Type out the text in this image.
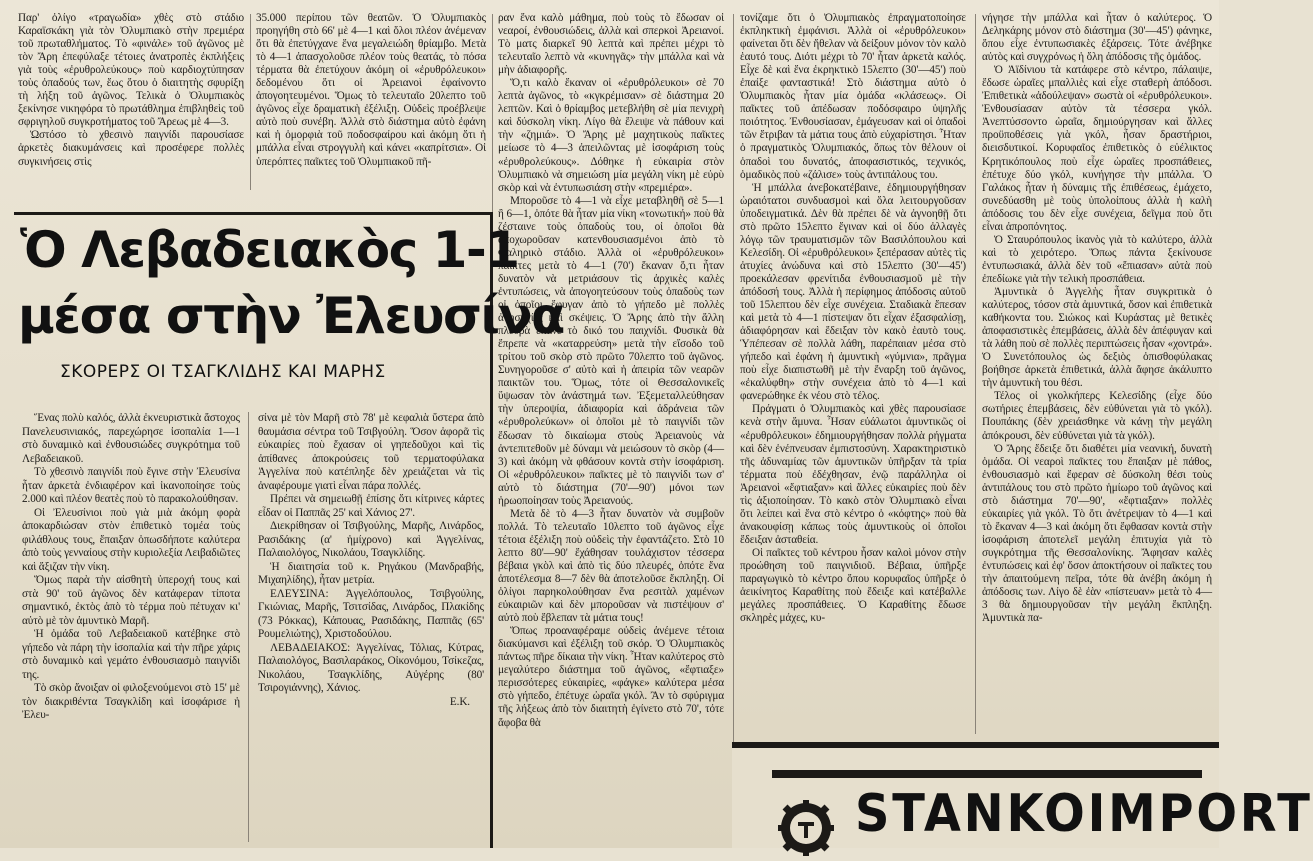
Παρ' ὀλίγο «τραγωδία» χθὲς στὸ στάδιο Καραϊσκάκη γιὰ τὸν Ὀλυμπιακὸ στὴν πρεμιέρα τοῦ πρωταθλήματος. Τὸ «φινάλε» τοῦ ἀγῶνος μὲ τὸν Ἄρη ἐπεφύλαξε τέτοιες ἀνατροπὲς ἐκπλήξεις γιὰ τοὺς «ἐρυθρολεύκους» ποὺ καρδιοχτύπησαν τοὺς ὀπαδούς των, ἕως ὅτου ὁ διαιτητὴς σφυρίξη τὴ λήξη τοῦ ἀγῶνος. Τελικὰ ὁ Ὀλυμπιακὸς ξεκίνησε νικηφόρα τὸ πρωτάθλημα ἐπιβληθεὶς τοῦ σφριγηλοῦ συγκροτήματος τοῦ Ἄρεως μὲ 4—3.

Ὡστόσο τὸ χθεσινὸ παιγνίδι παρουσίασε ἀρκετὲς διακυμάνσεις καὶ προσέφερε πολλὲς συγκινήσεις στὶς

35.000 περίπου τῶν θεατῶν. Ὁ Ὀλυμπιακὸς προηγήθη στὸ 66' μὲ 4—1 καὶ ὅλοι πλέον ἀνέμεναν ὅτι θὰ ἐπετύγχανε ἕνα μεγαλειώδη θρίαμβο. Μετὰ τὸ 4—1 ἀπασχολοῦσε πλέον τοὺς θεατάς, τὸ πόσα τέρματα θὰ ἐπετύχουν ἀκόμη οἱ «ἐρυθρόλευκοι» δεδομένου ὅτι οἱ Ἀρειανοὶ ἐφαίνοντο ἀπογοητευμένοι. Ὅμως τὸ τελευταῖο 20λεπτο τοῦ ἀγῶνος εἶχε δραματικὴ ἐξέλιξη. Οὐδεὶς προέβλεψε αὐτὸ ποὺ συνέβη. Ἀλλὰ στὸ διάστημα αὐτὸ ἐφάνη καὶ ἡ ὀμορφιὰ τοῦ ποδοσφαίρου καὶ ἀκόμη ὅτι ἡ μπάλλα εἶναι στρογγυλὴ καὶ κάνει «καπρίτσια». Οἱ ὑπερόπτες παῖκτες τοῦ Ὀλυμπιακοῦ πῆ-

ραν ἕνα καλὸ μάθημα, ποὺ τοὺς τὸ ἔδωσαν οἱ νεαροί, ἐνθουσιώδεις, ἀλλὰ καὶ σπερκοὶ Ἀρειανοί. Τὸ ματς διαρκεῖ 90 λεπτὰ καὶ πρέπει μέχρι τὸ τελευταῖο λεπτὸ νὰ «κυνηγᾶς» τὴν μπάλλα καὶ νὰ μὴν ἀδιαφορῆς.

Ὅ,τι καλὸ ἔκαναν οἱ «ἐρυθρόλευκοι» σὲ 70 λεπτὰ ἀγῶνος, τὸ «κγκρέμισαν» σὲ διάστημα 20 λεπτῶν. Καὶ ὁ θρίαμβος μετεβλήθη σὲ μία πενιχρὴ καὶ δύσκολη νίκη. Λίγο θὰ ἔλειψε νὰ πάθουν καὶ τὴν «ζημιά». Ὁ Ἄρης μὲ μαχητικοὺς παῖκτες μείωσε τὸ 4—3 ἀπειλῶντας μὲ ἰσοφάριση τοὺς «ἐρυθρολεύκους». Δόθηκε ἡ εὐκαιρία στὸν Ὀλυμπιακὸ νὰ σημειώση μία μεγάλη νίκη μὲ εὐρὺ σκὸρ καὶ νὰ ἐντυπωσιάση στὴν «πρεμιέρα».

Μποροῦσε τὸ 4—1 νὰ εἶχε μεταβληθῆ σὲ 5—1 ἢ 6—1, ὁπότε θὰ ἦταν μία νίκη «τονωτική» ποὺ θὰ ζέσταινε τοὺς ὀπαδοὺς του, οἱ ὁποῖοι θὰ ἀποχωροῦσαν κατενθουσιασμένοι ἀπὸ τὸ Φαληρικὸ στάδιο. Ἀλλὰ οἱ «ἐρυθρόλευκοι» παῖκτες μετὰ τὸ 4—1 (70') ἔκαναν ὅ,τι ἦταν δυνατὸν νὰ μετριάσουν τὶς ἀρχικὲς καλὲς ἐντυπώσεις, νὰ ἀπογοητεύσουν τοὺς ὀπαδοὺς των οἱ ὁποῖοι ἔφυγαν ἀπὸ τὸ γήπεδο μὲ πολλὲς ἀνησυχίες καὶ σκέψεις. Ὁ Ἄρης ἀπὸ τὴν ἄλλη πλευρὰ ἔκανε τὸ δικό του παιχνίδι. Φυσικὰ θὰ ἔπρεπε νὰ «καταρρεύση» μετὰ τὴν εἴσοδο τοῦ τρίτου τοῦ σκὸρ στὸ πρῶτο 70λεπτο τοῦ ἀγῶνος. Συνηγοροῦσε σ' αὐτὸ καὶ ἡ ἀπειρία τῶν νεαρῶν παικτῶν του. Ὅμως, τότε οἱ Θεσσαλονικεῖς ὕψωσαν τὸν ἀνάστημά των. Ἐξεμεταλλεύθησαν τὴν ὑπεροψία, ἀδιαφορία καὶ ἀδράνεια τῶν «ἐρυθρολεύκων» οἱ ὁποῖοι μὲ τὸ παιγνίδι τῶν ἔδωσαν τὸ δικαίωμα στοὺς Ἀρειανοὺς νὰ ἀντεπιτεθοῦν μὲ δύναμι νὰ μειώσουν τὸ σκὸρ (4—3) καὶ ἀκόμη νὰ φθάσουν κοντὰ στὴν ἰσοφάριση. Οἱ «ἐρυθρόλευκοι» παῖκτες μὲ τὸ παιγνίδι των σ' αὐτὸ τὸ διάστημα (70'—90') μόνοι των ἠρωοποίησαν τοὺς Ἀρειανούς.

Μετὰ δὲ τὸ 4—3 ἦταν δυνατὸν νὰ συμβοῦν πολλά. Τὸ τελευταῖο 10λεπτο τοῦ ἀγῶνος εἶχε τέτοια ἐξέλιξη ποὺ οὐδεὶς τὴν ἐφαντάζετο. Στὸ 10 λεπτο 80'—90' ἔχάθησαν τουλάχιστον τέσσερα βέβαια γκὸλ καὶ ἀπὸ τὶς δύο πλευρές, ὁπότε ἔνα ἀποτέλεσμα 8—7 δὲν θὰ ἀποτελοῦσε ἔκπληξη. Οἱ ὀλίγοι παρηκολούθησαν ἕνα ρεσιτὰλ χαμένων εὐκαιριῶν καὶ δὲν μποροῦσαν νὰ πιστέψουν σ' αὐτὸ ποὺ ἔβλεπαν τὰ μάτια τους!

Ὅπως προαναφέραμε οὐδεὶς ἀνέμενε τέτοια διακύμανσι καὶ ἐξέλιξη τοῦ σκόρ. Ὁ Ὀλυμπιακὸς πάντως πῆρε δίκαια τὴν νίκη. Ἦταν καλύτερος στὸ μεγαλύτερο διάστημα τοῦ ἀγῶνος, «ἔφτιαξε» περισσότερες εὐκαιρίες, «φάγκε» καλύτερα μέσα στὸ γήπεδο, ἐπέτυχε ὡραῖα γκόλ. Ἂν τὸ σφύριγμα τῆς λήξεως ἀπὸ τὸν διαιτητὴ ἐγίνετο στὸ 70', τότε ἄφοβα θὰ

τονίζαμε ὅτι ὁ Ὀλυμπιακὸς ἐπραγματοποίησε ἐκπληκτικὴ ἐμφάνισι. Ἀλλὰ οἱ «ἐρυθρόλευκοι» φαίνεται ὅτι δὲν ἤθελαν νὰ δείξουν μόνον τὸν καλὸ ἑαυτό τους. Διότι μέχρι τὸ 70' ἦταν ἀρκετὰ καλός. Εἶχε δὲ καὶ ἕνα ἐκρηκτικὸ 15λεπτο (30'—45') ποὺ ἐπαίξε φανταστικά! Στὸ διάστημα αὐτὸ ὁ Ὀλυμπιακὸς ἦταν μία ὁμάδα «κλάσεως». Οἱ παῖκτες τοῦ ἀπέδωσαν ποδόσφαιρο ὑψηλῆς ποιότητος. Ἐνθουσίασαν, ἐμάγευσαν καὶ οἱ ὀπαδοὶ τῶν ἔτριβαν τὰ μάτια τους ἀπὸ εὐχαρίστησι. Ἦταν ὁ πραγματικὸς Ὀλυμπιακός, ὅπως τὸν θέλουν οἱ ὀπαδοὶ του δυνατός, ἀποφασιστικός, τεχνικός, ὁμαδικὸς ποὺ «ζάλισε» τοὺς ἀντιπάλους του.

Ἡ μπάλλα ἀνεβοκατέβαινε, ἐδημιουργήθησαν ὡραιότατοι συνδυασμοὶ καὶ ὅλα λειτουργοῦσαν ὑποδειγματικά. Δὲν θὰ πρέπει δὲ νὰ ἀγνοηθῇ ὅτι στὸ πρῶτο 15λεπτο ἔγιναν καὶ οἱ δύο ἀλλαγὲς λόγῳ τῶν τραυματισμῶν τῶν Βασιλόπουλου καὶ Κελεσίδη. Οἱ «ἐρυθρόλευκοι» ξεπέρασαν αὐτὲς τὶς ἀτυχίες ἀνώδυνα καὶ στὸ 15λεπτο (30'—45') προεκάλεσαν φρενίτιδα ἐνθουσιασμοῦ μὲ τὴν ἀπόδοσή τους. Ἀλλὰ ἡ περίφημος ἀπόδοσις αὐτοῦ τοῦ 15λεπτου δὲν εἶχε συνέχεια. Σταδιακὰ ἔπεσαν καὶ μετὰ τὸ 4—1 πίστεψαν ὅτι εἶχαν ἐξασφαλίσῃ, ἀδιαφόρησαν καὶ ἔδειξαν τὸν κακὸ ἑαυτὸ τους. Ὑπέπεσαν σὲ πολλὰ λάθη, παρέπαιαν μέσα στὸ γήπεδο καὶ ἐφάνη ἡ ἀμυντικὴ «γύμνια», πρᾶγμα ποὺ εἶχε διαπιστωθῆ μὲ τὴν ἔναρξη τοῦ ἀγῶνος, «ἐκαλύφθη» στὴν συνέχεια ἀπὸ τὸ 4—1 καὶ φανερώθηκε ἐκ νέου στὸ τέλος.

Πράγματι ὁ Ὀλυμπιακὸς καὶ χθὲς παρουσίασε κενὰ στὴν ἄμυνα. Ἦσαν εὐάλωτοι ἀμυντικῶς οἱ «ἐρυθρόλευκοι» ἐδημιουργήθησαν πολλὰ ρήγματα καὶ δὲν ἐνέπνευσαν ἐμπιστοσύνη. Χαρακτηριστικὸ τῆς ἀδυναμίας τῶν ἀμυντικῶν ὑπῆρξαν τὰ τρία τέρματα ποὺ ἐδέχθησαν, ἐνῷ παράλληλα οἱ Ἀρειανοὶ «ἔφτιαξαν» καὶ ἄλλες εὐκαιρίες ποὺ δὲν τὶς ἀξιοποίησαν. Τὸ κακὸ στὸν Ὀλυμπιακὸ εἶναι ὅτι λείπει καὶ ἕνα στὸ κέντρο ὁ «κόφτης» ποὺ θὰ ἀνακουφίσῃ κάπως τοὺς ἀμυντικοὺς οἱ ὁποῖοι ἔδειξαν ἀσταθεία.

Οἱ παῖκτες τοῦ κέντρου ἦσαν καλοὶ μόνον στὴν προώθηση τοῦ παιγνιδιοῦ. Βέβαια, ὑπῆρξε παραγωγικὸ τὸ κέντρο ὅπου κορυφαῖος ὑπῆρξε ὁ ἀεικίνητος Καραθίτης ποὺ ἔδειξε καὶ κατέβαλλε μεγάλες προσπάθειες. Ὁ Καραθίτης ἔδωσε σκληρὲς μάχες, κυ-

νήγησε τὴν μπάλλα καὶ ἦταν ὁ καλύτερος. Ὁ Δεληκάρης μόνον στὸ διάστημα (30'—45') φάνηκε, ὅπου εἶχε ἐντυπωσιακὲς ἐξάρσεις. Τότε ἀνέβηκε αὐτὸς καὶ συγχρόνως ἡ ὅλη ἀπόδοσις τῆς ὁμάδος.

Ὁ Ἀϊδίνιου τὰ κατάφερε στὸ κέντρο, πάλαιψε, ἔδωσε ὡραῖες μπαλλιὲς καὶ εἶχε σταθερὴ ἀπόδοσι. Ἐπιθετικὰ «ἀδούλεψαν» σωστὰ οἱ «ἐρυθρόλευκοι». Ἐνθουσίασαν αὐτὸν τὰ τέσσερα γκόλ. Ἀνεπτύσσοντο ὡραῖα, δημιούργησαν καὶ ἄλλες προϋποθέσεις γιὰ γκόλ, ἦσαν δραστήριοι, διεισδυτικοί. Κορυφαῖος ἐπιθετικὸς ὁ εὐέλικτος Κρητικόπουλος ποὺ εἶχε ὡραῖες προσπάθειες, ἐπέτυχε δύο γκόλ, κυνήγησε τὴν μπάλλα. Ὁ Γαλάκος ἦταν ἡ δύναμις τῆς ἐπιθέσεως, ἐμάχετο, συνεδύασθη μὲ τοὺς ὑπολοίπους ἀλλὰ ἡ καλὴ ἀπόδοσις του δὲν εἶχε συνέχεια, δεῖγμα ποὺ ὅτι εἶναι ἀπροπόνητος.

Ὁ Σταυρόπουλος ἱκανὸς γιὰ τὸ καλύτερο, ἀλλὰ καὶ τὸ χειρότερο. Ὅπως πάντα ξεκίνουσε ἐντυπωσιακά, ἀλλὰ δὲν τοῦ «ἔπιασαν» αὐτὰ ποὺ ἐπεδίωκε γιὰ τὴν τελικὴ προσπάθεια.

Ἀμυντικὰ ὁ Ἀγγελὴς ἦταν συγκριτικὰ ὁ καλύτερος, τόσον στὰ ἀμυντικά, ὅσον καὶ ἐπιθετικὰ καθήκοντα του. Σιώκος καὶ Κυράστας μὲ θετικὲς ἀποφασιστικὲς ἐπεμβάσεις, ἀλλὰ δὲν ἀπέφυγαν καὶ τὰ λάθη ποὺ σὲ πολλὲς περιπτώσεις ἦσαν «χοντρά». Ὁ Συνετόπουλος ὡς δεξιὸς ὀπισθοφύλακας βοήθησε ἀρκετὰ ἐπιθετικά, ἀλλὰ ἄφησε ἀκάλυπτο τὴν ἀμυντικὴ του θέσι.

Τέλος οἱ γκολκήπερς Κελεσίδης (εἶχε δύο σωτήριες ἐπεμβάσεις, δὲν εὐθύνεται γιὰ τὸ γκόλ). Πουπάκης (δὲν χρειάσθηκε νὰ κάνῃ τὴν μεγάλη ἀπόκρουσι, δὲν εὐθύνεται γιὰ τὰ γκόλ).

Ὁ Ἄρης ἔδειξε ὅτι διαθέτει μία νεανική, δυνατὴ ὁμάδα. Οἱ νεαροὶ παῖκτες του ἔπαιξαν μὲ πάθος, ἐνθουσιασμὸ καὶ ἔφεραν σὲ δύσκολη θέσι τοὺς ἀντιπάλους του στὸ πρῶτο ἡμίωρο τοῦ ἀγῶνος καὶ στὸ διάστημα 70'—90', «ἔφτιαξαν» πολλὲς εὐκαιρίες γιὰ γκόλ. Τὸ ὅτι ἀνέτρεψαν τὸ 4—1 καὶ τὸ ἔκαναν 4—3 καὶ ἀκόμη ὅτι ἔφθασαν κοντὰ στὴν ἰσοφάριση ἀποτελεῖ μεγάλη ἐπιτυχία γιὰ τὸ συγκρότημα τῆς Θεσσαλονίκης. Ἄφησαν καλὲς ἐντυπώσεις καὶ ἐφ' ὅσον ἀποκτήσουν οἱ παῖκτες του τὴν ἀπαιτούμενη πεῖρα, τότε θὰ ἀνέβη ἀκόμη ἡ ἀπόδοσις των. Λίγο δὲ ἐὰν «πίστευαν» μετὰ τὸ 4—3 θὰ δημιουργοῦσαν τὴν μεγάλη ἔκπληξη. Ἀμυντικὰ πα-

Ὁ Λεβαδειακὸς 1-1
μέσα στὴν Ἐλευσίνα
ΣΚΟΡΕΡΣ ΟΙ ΤΣΑΓΚΛΙΔΗΣ ΚΑΙ ΜΑΡΗΣ

Ἕνας πολὺ καλός, ἀλλὰ ἐκνευριστικὰ ἄστοχος Πανελευσινιακός, παρεχώρησε ἰσοπαλία 1—1 στὸ δυναμικὸ καὶ ἐνθουσιώδες συγκρότημα τοῦ Λεβαδειακοῦ.

Τὸ χθεσινὸ παιγνίδι ποὺ ἔγινε στὴν Ἐλευσίνα ἦταν ἀρκετὰ ἐνδιαφέρον καὶ ἱκανοποίησε τοὺς 2.000 καὶ πλέον θεατὲς ποὺ τὸ παρακολούθησαν.

Οἱ Ἐλευσίνιοι ποὺ γιὰ μιὰ ἀκόμη φορὰ ἀποκαρδιώσαν στὸν ἐπιθετικὸ τομέα τοὺς φιλάθλους τους, ἔπαιξαν ὁπωσδήποτε καλύτερα ἀπὸ τοὺς γενναίους στὴν κυριολεξία Λειβαδιῶτες καὶ ἄξιζαν τὴν νίκη.

Ὅμως παρὰ τὴν αἰσθητὴ ὑπεροχή τους καὶ στὰ 90' τοῦ ἀγῶνος δὲν κατάφεραν τίποτα σημαντικό, ἐκτὸς ἀπὸ τὸ τέρμα ποὺ πέτυχαν κι' αὐτὸ μὲ τὸν ἀμυντικὸ Μαρῆ.

Ἡ ὁμάδα τοῦ Λεβαδειακοῦ κατέβηκε στὸ γήπεδο νὰ πάρη τὴν ἰσοπαλία καὶ τὴν πῆρε χάρις στὸ δυναμικὸ καὶ γεμάτο ἐνθουσιασμὸ παιγνίδι της.

Τὸ σκὸρ ἄνοιξαν οἱ φιλοξενούμενοι στὸ 15' μὲ τὸν διακριθέντα Τσαγκλίδη καὶ ἰσοφάρισε ἡ Ἐλευ-

σίνα μὲ τὸν Μαρῆ στὸ 78' μὲ κεφαλιὰ ὕστερα ἀπὸ θαυμάσια σέντρα τοῦ Τσιβγούλη. Ὅσον ἀφορᾶ τὶς εὐκαιρίες ποὺ ἔχασαν οἱ γηπεδοῦχοι καὶ τὶς ἀπίθανες ἀποκρούσεις τοῦ τερματοφύλακα Ἀγγελίνα ποὺ κατέπληξε δὲν χρειάζεται νὰ τὶς ἀναφέρουμε γιατὶ εἶναι πάρα πολλές.

Πρέπει νὰ σημειωθῇ ἐπίσης ὅτι κίτρινες κάρτες εἶδαν οἱ Παππᾶς 25' καὶ Χάνιος 27'.

Διεκρίθησαν οἱ Τσιβγούλης, Μαρῆς, Λινάρδος, Ρασιδάκης (α' ἡμίχρονο) καὶ Ἀγγελίνας, Παλαιολόγος, Νικολάου, Τσαγκλίδης.

Ἡ διαιτησία τοῦ κ. Ρηγάκου (Μανδραβής, Μιχαηλίδης), ἦταν μετρία.

ΕΛΕΥΣΙΝΑ: Ἀγγελόπουλος, Τσιβγούλης, Γκιώνιας, Μαρῆς, Τσιτσίδας, Λινάρδος, Πλακίδης (73 Ρόκκας), Κάπουας, Ρασιδάκης, Παππᾶς (65' Ρουμελιώτης), Χριστοδούλου.

ΛΕΒΑΔΕΙΑΚΟΣ: Ἀγγελίνας, Τόλιας, Κύτρας, Παλαιολόγος, Βασιλαράκος, Οἰκονόμου, Τσίκεζας, Νικολάου, Τσαγκλίδης, Αὐγέρης (80' Τσιρογιάννης), Χάνιος.

Ε.Κ.

STANKOIMPORT
